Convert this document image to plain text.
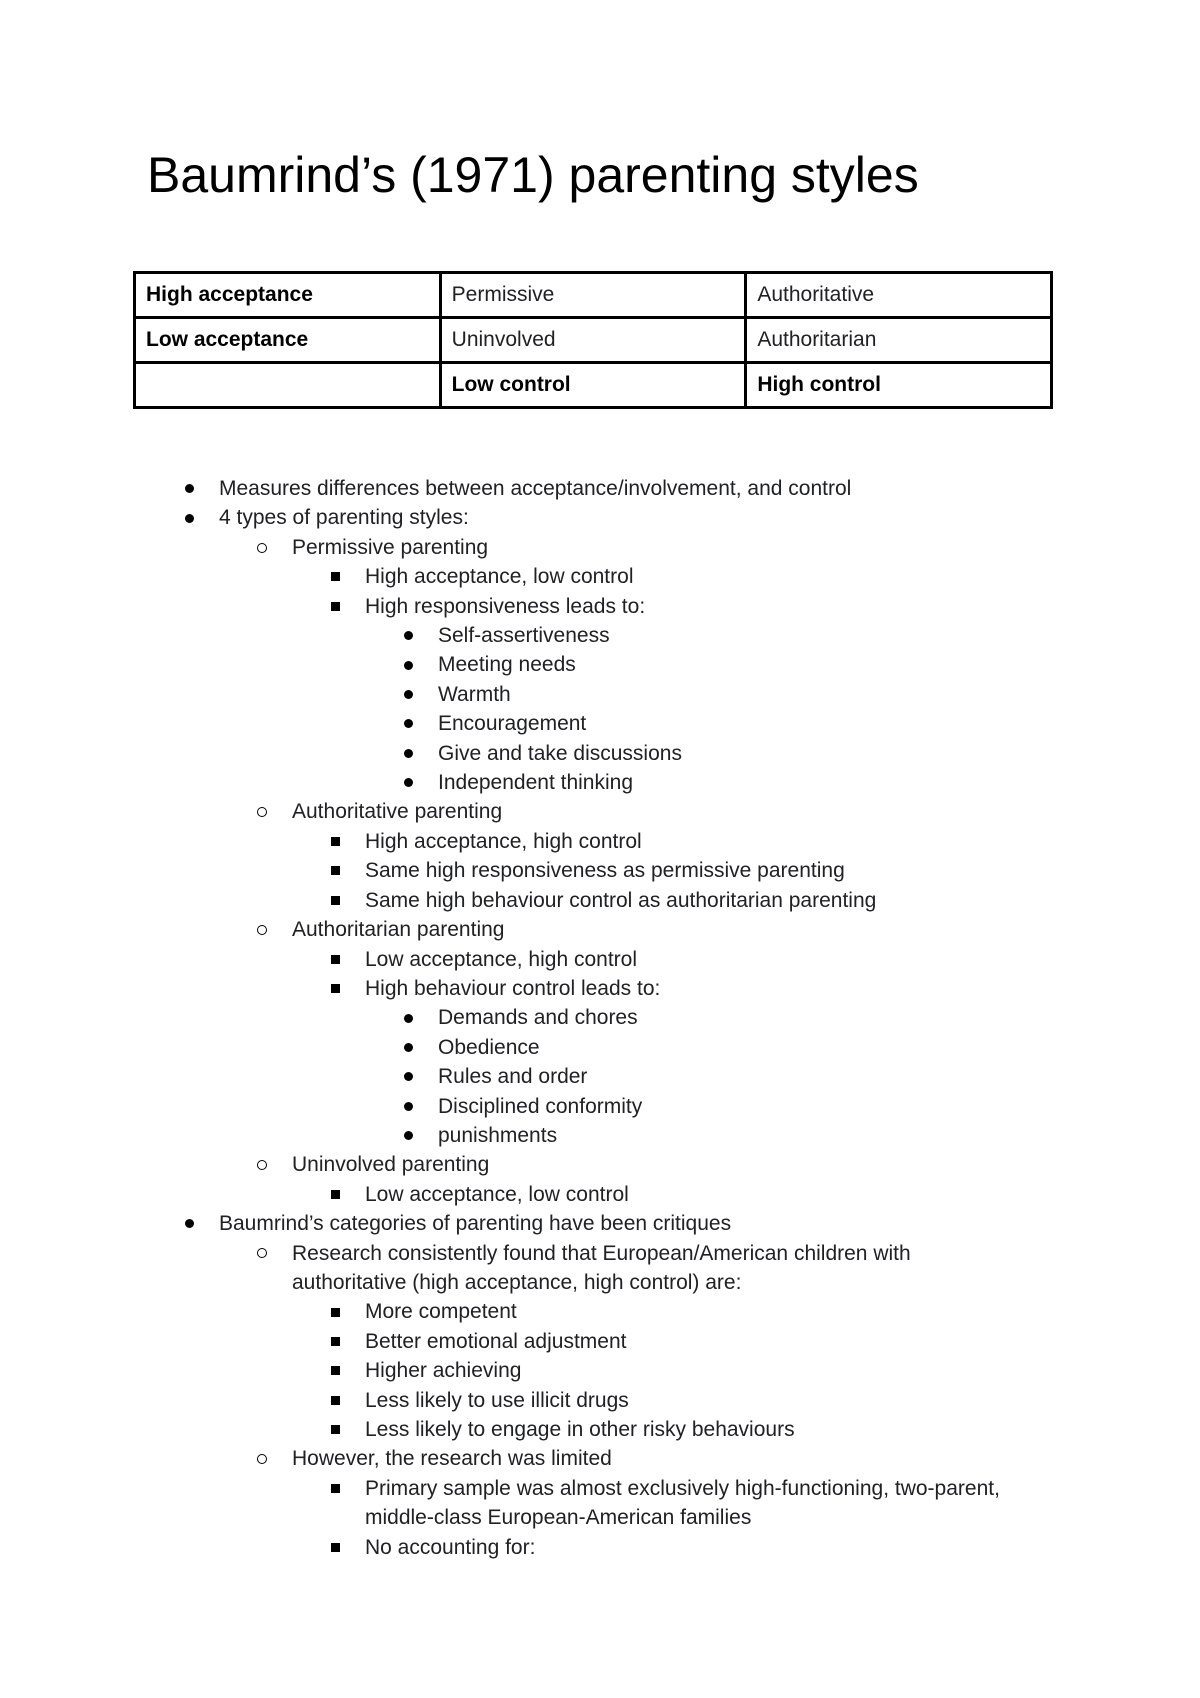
Baumrind’s (1971) parenting styles
High acceptance	Permissive	Authoritative
Low acceptance	Uninvolved	Authoritarian
	Low control	High control
Measures differences between acceptance/involvement, and control
4 types of parenting styles:
Permissive parenting
High acceptance, low control
High responsiveness leads to:
Self-assertiveness
Meeting needs
Warmth
Encouragement
Give and take discussions
Independent thinking
Authoritative parenting
High acceptance, high control
Same high responsiveness as permissive parenting
Same high behaviour control as authoritarian parenting
Authoritarian parenting
Low acceptance, high control
High behaviour control leads to:
Demands and chores
Obedience
Rules and order
Disciplined conformity
punishments
Uninvolved parenting
Low acceptance, low control
Baumrind’s categories of parenting have been critiques
Research consistently found that European/American children with
authoritative (high acceptance, high control) are:
More competent
Better emotional adjustment
Higher achieving
Less likely to use illicit drugs
Less likely to engage in other risky behaviours
However, the research was limited
Primary sample was almost exclusively high-functioning, two-parent,
middle-class European-American families
No accounting for:
